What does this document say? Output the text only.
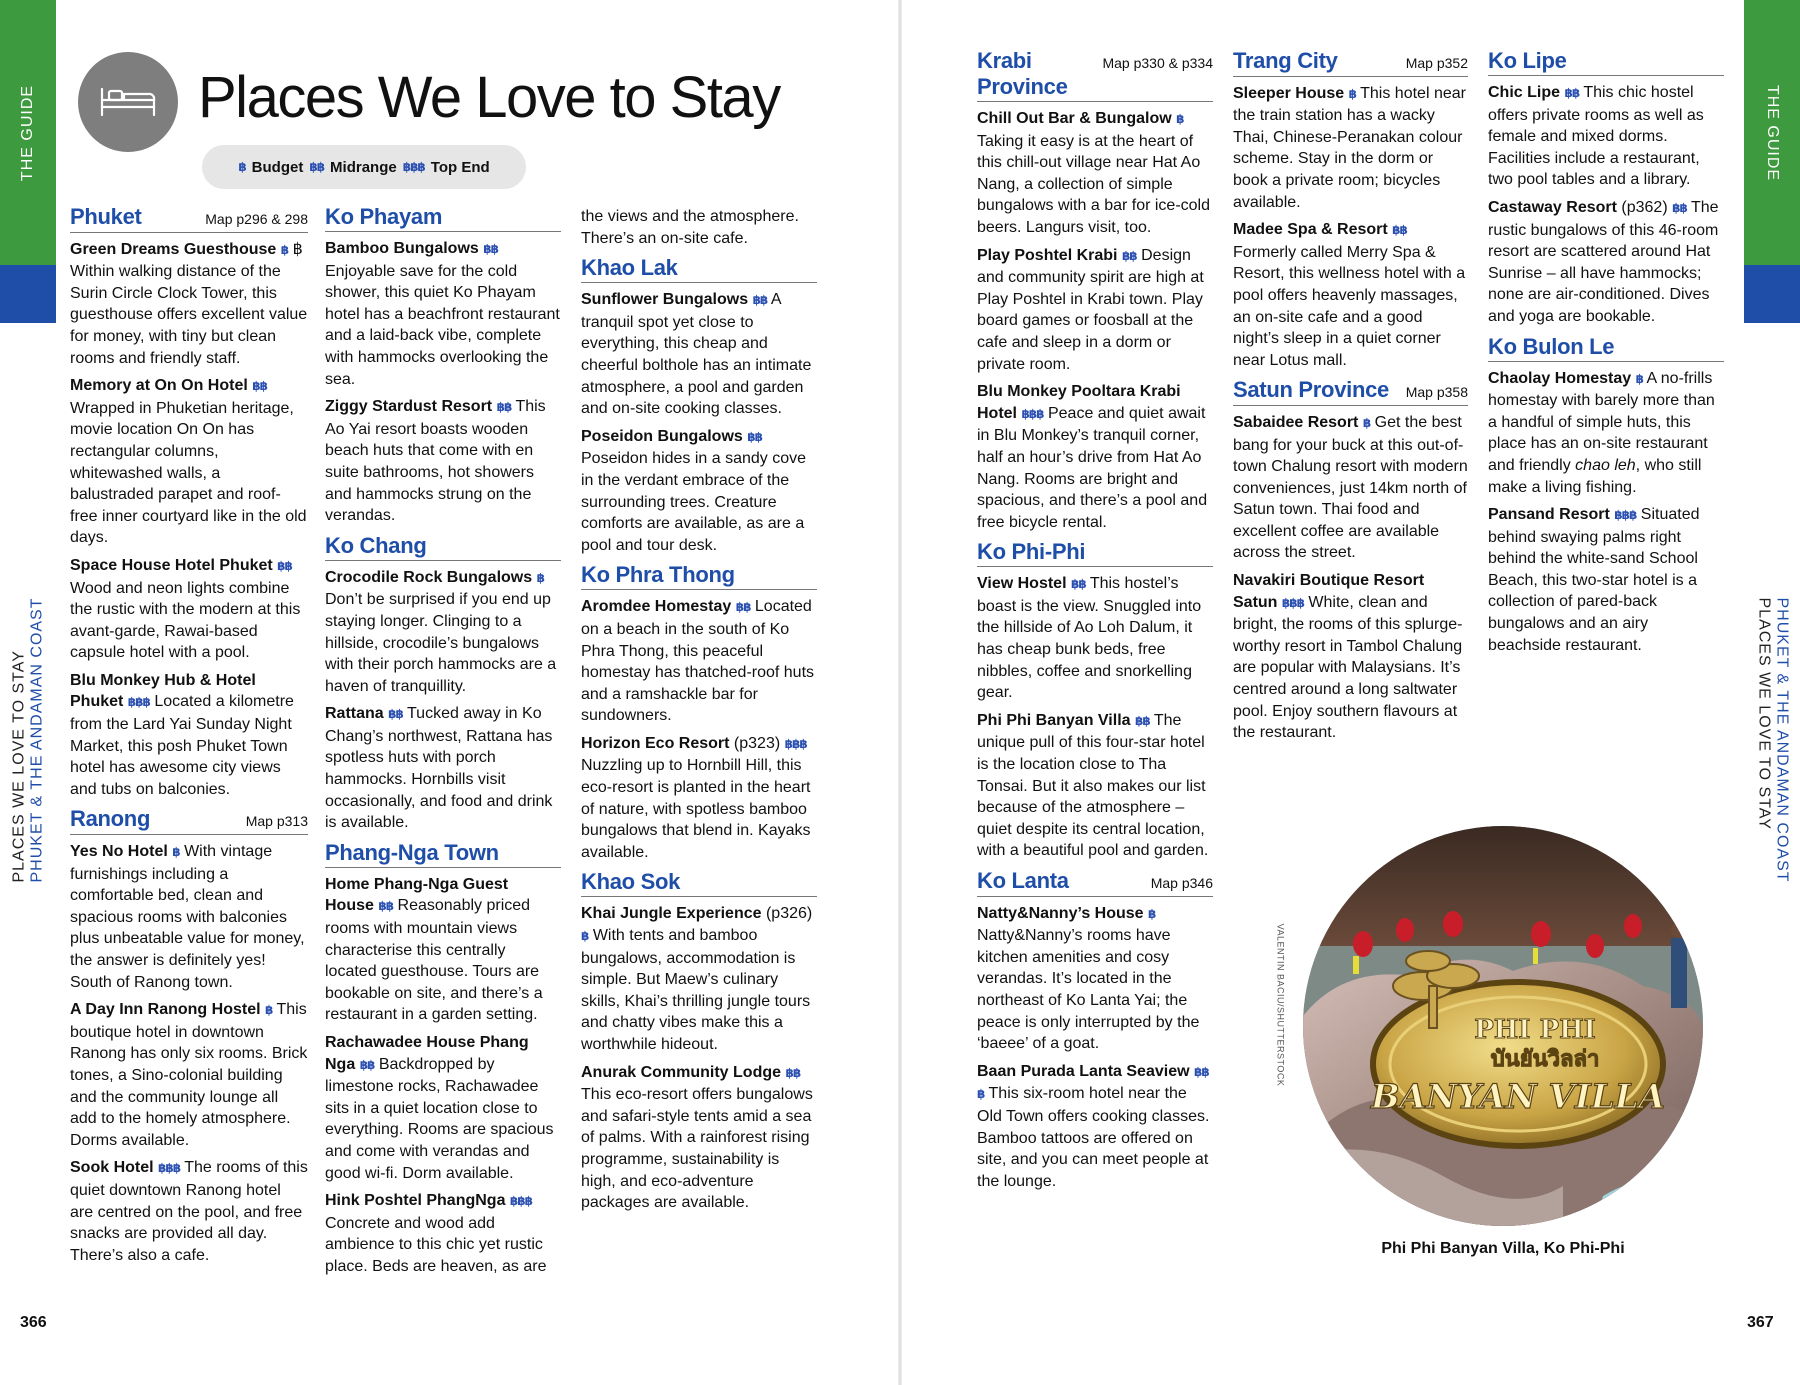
THE GUIDE
PLACES WE LOVE TO STAY PHUKET & THE ANDAMAN COAST
366
Places We Love to Stay
฿ Budget ฿฿ Midrange ฿฿฿ Top End
Phuket	Map p296 & 298
Green Dreams Guesthouse ฿ ฿ Within walking distance of the Surin Circle Clock Tower, this guesthouse offers excellent value for money, with tiny but clean rooms and friendly staff.
Memory at On On Hotel ฿฿ Wrapped in Phuketian heritage, movie location On On has rectangular columns, whitewashed walls, a balustraded parapet and roof-free inner courtyard like in the old days.
Space House Hotel Phuket ฿฿ Wood and neon lights combine the rustic with the modern at this avant-garde, Rawai-based capsule hotel with a pool.
Blu Monkey Hub & Hotel Phuket ฿฿฿ Located a kilometre from the Lard Yai Sunday Night Market, this posh Phuket Town hotel has awesome city views and tubs on balconies.
Ranong	Map p313
Yes No Hotel ฿ With vintage furnishings including a comfortable bed, clean and spacious rooms with balconies plus unbeatable value for money, the answer is definitely yes! South of Ranong town.
A Day Inn Ranong Hostel ฿ This boutique hotel in downtown Ranong has only six rooms. Brick tones, a Sino-colonial building and the community lounge all add to the homely atmosphere. Dorms available.
Sook Hotel ฿฿฿ The rooms of this quiet downtown Ranong hotel are centred on the pool, and free snacks are provided all day. There’s also a cafe.
Ko Phayam
Bamboo Bungalows ฿฿ Enjoyable save for the cold shower, this quiet Ko Phayam hotel has a beachfront restaurant and a laid-back vibe, complete with hammocks overlooking the sea.
Ziggy Stardust Resort ฿฿ This Ao Yai resort boasts wooden beach huts that come with en suite bathrooms, hot showers and hammocks strung on the verandas.
Ko Chang
Crocodile Rock Bungalows ฿ Don’t be surprised if you end up staying longer. Clinging to a hillside, crocodile’s bungalows with their porch hammocks are a haven of tranquillity.
Rattana ฿฿ Tucked away in Ko Chang’s northwest, Rattana has spotless huts with porch hammocks. Hornbills visit occasionally, and food and drink is available.
Phang-Nga Town
Home Phang-Nga Guest House ฿฿ Reasonably priced rooms with mountain views characterise this centrally located guesthouse. Tours are bookable on site, and there’s a restaurant in a garden setting.
Rachawadee House Phang Nga ฿฿ Backdropped by limestone rocks, Rachawadee sits in a quiet location close to everything. Rooms are spacious and come with verandas and good wi-fi. Dorm available.
Hink Poshtel PhangNga ฿฿฿ Concrete and wood add ambience to this chic yet rustic place. Beds are heaven, as are
the views and the atmosphere. There’s an on-site cafe.
Khao Lak
Sunflower Bungalows ฿฿ A tranquil spot yet close to everything, this cheap and cheerful bolthole has an intimate atmosphere, a pool and garden and on-site cooking classes.
Poseidon Bungalows ฿฿ Poseidon hides in a sandy cove in the verdant embrace of the surrounding trees. Creature comforts are available, as are a pool and tour desk.
Ko Phra Thong
Aromdee Homestay ฿฿ Located on a beach in the south of Ko Phra Thong, this peaceful homestay has thatched-roof huts and a ramshackle bar for sundowners.
Horizon Eco Resort (p323) ฿฿฿ Nuzzling up to Hornbill Hill, this eco-resort is planted in the heart of nature, with spotless bamboo bungalows that blend in. Kayaks available.
Khao Sok
Khai Jungle Experience (p326) ฿ With tents and bamboo bungalows, accommodation is simple. But Maew’s culinary skills, Khai’s thrilling jungle tours and chatty vibes make this a worthwhile hideout.
Anurak Community Lodge ฿฿ This eco-resort offers bungalows and safari-style tents amid a sea of palms. With a rainforest rising programme, sustainability is high, and eco-adventure packages are available.
THE GUIDE
PHUKET & THE ANDAMAN COAST
PLACES WE LOVE TO STAY
367
Krabi
Province
Map p330 & p334
Chill Out Bar & Bungalow ฿ Taking it easy is at the heart of this chill-out village near Hat Ao Nang, a collection of simple bungalows with a bar for ice-cold beers. Langurs visit, too.
Play Poshtel Krabi ฿฿ Design and community spirit are high at Play Poshtel in Krabi town. Play board games or foosball at the cafe and sleep in a dorm or private room.
Blu Monkey Pooltara Krabi Hotel ฿฿฿ Peace and quiet await in Blu Monkey’s tranquil corner, half an hour’s drive from Hat Ao Nang. Rooms are bright and spacious, and there’s a pool and free bicycle rental.
Ko Phi-Phi
View Hostel ฿฿ This hostel’s boast is the view. Snuggled into the hillside of Ao Loh Dalum, it has cheap bunk beds, free nibbles, coffee and snorkelling gear.
Phi Phi Banyan Villa ฿฿ The unique pull of this four-star hotel is the location close to Tha Tonsai. But it also makes our list because of the atmosphere – quiet despite its central location, with a beautiful pool and garden.
Ko Lanta	Map p346
Natty&Nanny’s House ฿ Natty&Nanny’s rooms have kitchen amenities and cosy verandas. It’s located in the northeast of Ko Lanta Yai; the peace is only interrupted by the ‘baeee’ of a goat.
Baan Purada Lanta Seaview ฿฿฿ This six-room hotel near the Old Town offers cooking classes. Bamboo tattoos are offered on site, and you can meet people at the lounge.
Trang City	Map p352
Sleeper House ฿ This hotel near the train station has a wacky Thai, Chinese-Peranakan colour scheme. Stay in the dorm or book a private room; bicycles available.
Madee Spa & Resort ฿฿ Formerly called Merry Spa & Resort, this wellness hotel with a pool offers heavenly massages, an on-site cafe and a good night’s sleep in a quiet corner near Lotus mall.
Satun Province Map p358
Sabaidee Resort ฿ Get the best bang for your buck at this out-of-town Chalung resort with modern conveniences, just 14km north of Satun town. Thai food and excellent coffee are available across the street.
Navakiri Boutique Resort Satun ฿฿฿ White, clean and bright, the rooms of this splurge-worthy resort in Tambol Chalung are popular with Malaysians. It’s centred around a long saltwater pool. Enjoy southern flavours at the restaurant.
Ko Lipe
Chic Lipe ฿฿ This chic hostel offers private rooms as well as female and mixed dorms. Facilities include a restaurant, two pool tables and a library.
Castaway Resort (p362) ฿฿ The rustic bungalows of this 46-room resort are scattered around Hat Sunrise – all have hammocks; none are air-conditioned. Dives and yoga are bookable.
Ko Bulon Le
Chaolay Homestay ฿ A no-frills homestay with barely more than a handful of simple huts, this place has an on-site restaurant and friendly chao leh, who still make a living fishing.
Pansand Resort ฿฿฿ Situated behind swaying palms right behind the white-sand School Beach, this two-star hotel is a collection of pared-back bungalows and an airy beachside restaurant.
VALENTIN BACIU/SHUTTERSTOCK	PHI PHI
บันยันวิลล่า
BANYAN VILLA
Phi Phi Banyan Villa, Ko Phi-Phi
